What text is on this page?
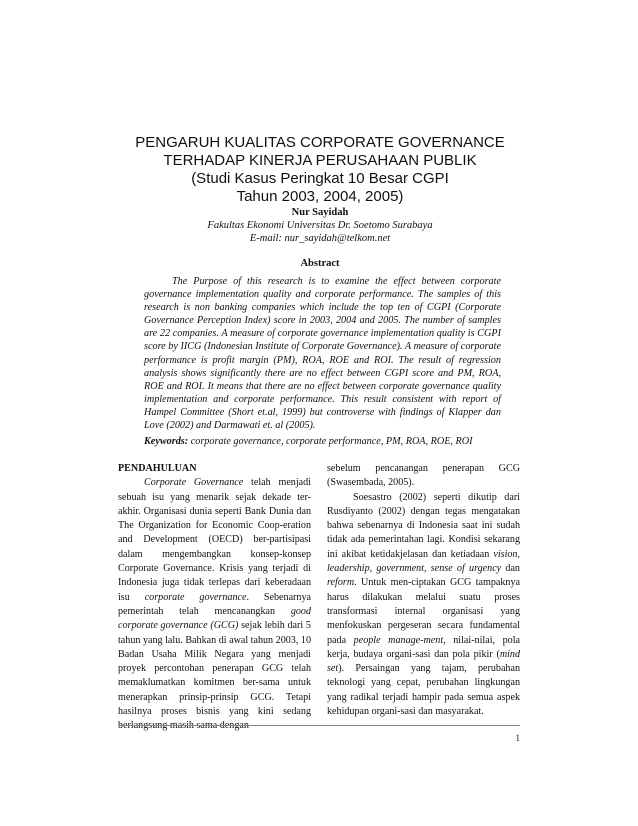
PENGARUH KUALITAS CORPORATE GOVERNANCE
TERHADAP KINERJA PERUSAHAAN PUBLIK
(Studi Kasus Peringkat 10 Besar CGPI
Tahun 2003, 2004, 2005)
Nur Sayidah
Fakultas Ekonomi Universitas Dr. Soetomo Surabaya
E-mail: nur_sayidah@telkom.net
Abstract

The Purpose of this research is to examine the effect between corporate governance implementation quality and corporate performance. The samples of this research is non banking companies which include the top ten of CGPI (Corporate Governance Perception Index) score in 2003, 2004 and 2005. The number of samples are 22 companies. A measure of corporate governance implementation quality is CGPI score by IICG (Indonesian Institute of Corporate Governance). A measure of corporate performance is profit margin (PM), ROA, ROE and ROI. The result of regression analysis shows significantly there are no effect between CGPI score and PM, ROA, ROE and ROI. It means that there are no effect between corporate governance quality implementation and corporate performance. This result consistent with report of Hampel Committee (Short et.al, 1999) but controverse with findings of Klapper dan Love (2002) and Darmawati et. al (2005).

Keywords: corporate governance, corporate performance, PM, ROA, ROE, ROI

PENDAHULUAN

Corporate Governance telah menjadi sebuah isu yang menarik sejak dekade ter-akhir. Organisasi dunia seperti Bank Dunia dan The Organization for Economic Coop-eration and Development (OECD) ber-partisipasi dalam mengembangkan konsep-konsep Corporate Governance. Krisis yang terjadi di Indonesia juga tidak terlepas dari keberadaan isu corporate governance. Sebenarnya pemerintah telah mencanangkan good corporate governance (GCG) sejak lebih dari 5 tahun yang lalu. Bahkan di awal tahun 2003, 10 Badan Usaha Milik Negara yang menjadi proyek percontohan penerapan GCG telah memaklumatkan komitmen ber-sama untuk menerapkan prinsip-prinsip GCG. Tetapi hasilnya proses bisnis yang kini sedang berlangsung masih sama dengan

sebelum pencanangan penerapan GCG (Swasembada, 2005).

Soesastro (2002) seperti dikutip dari Rusdiyanto (2002) dengan tegas mengatakan bahwa sebenarnya di Indonesia saat ini sudah tidak ada pemerintahan lagi. Kondisi sekarang ini akibat ketidakjelasan dan ketiadaan vision, leadership, government, sense of urgency dan reform. Untuk men-ciptakan GCG tampaknya harus dilakukan melalui suatu proses transformasi internal organisasi yang menfokuskan pergeseran secara fundamental pada people manage-ment, nilai-nilai, pola kerja, budaya organi-sasi dan pola pikir (mind set). Persaingan yang tajam, perubahan teknologi yang cepat, perubahan lingkungan yang radikal terjadi hampir pada semua aspek kehidupan organi-sasi dan masyarakat.

1
